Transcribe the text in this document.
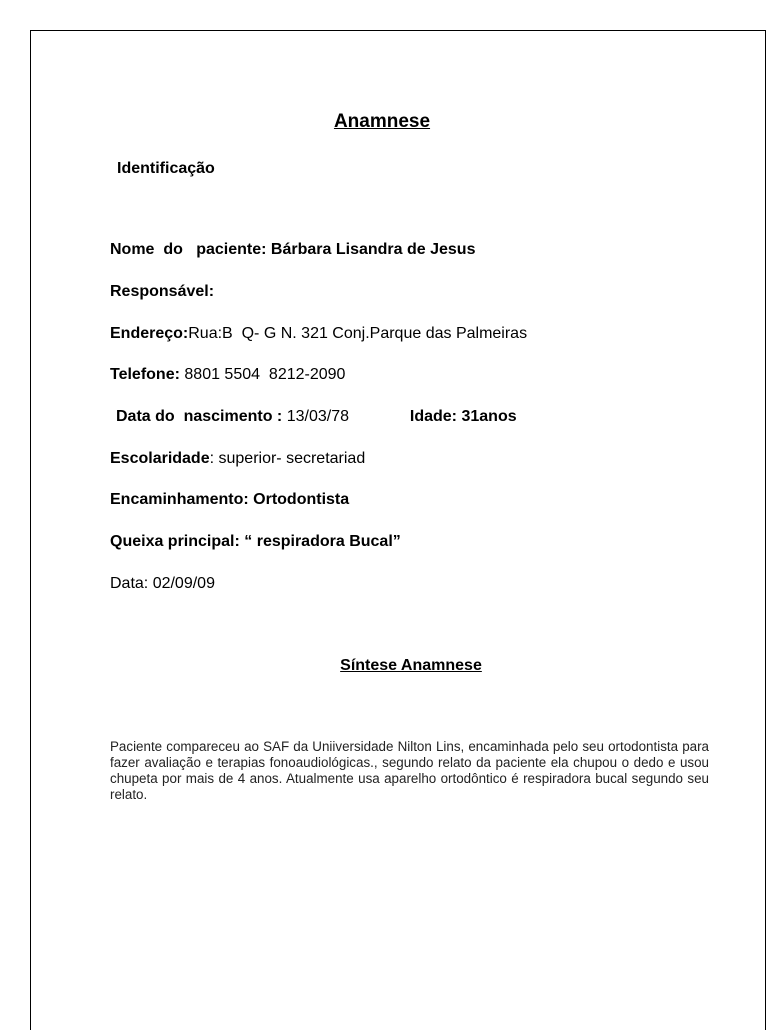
Anamnese
Identificação
Nome  do   paciente: Bárbara Lisandra de Jesus
Responsável:
Endereço:Rua:B  Q- G N. 321 Conj.Parque das Palmeiras
Telefone: 8801 5504  8212-2090
Data do  nascimento : 13/03/78	Idade: 31anos
Escolaridade: superior- secretariad
Encaminhamento: Ortodontista
Queixa principal: “ respiradora Bucal”
Data: 02/09/09
Síntese Anamnese
Paciente compareceu ao SAF da Uniiversidade Nilton Lins, encaminhada pelo seu ortodontista para fazer avaliação e terapias fonoaudiológicas., segundo relato da paciente ela chupou o dedo e usou chupeta por mais de 4 anos. Atualmente usa aparelho ortodôntico é respiradora bucal segundo seu relato.
